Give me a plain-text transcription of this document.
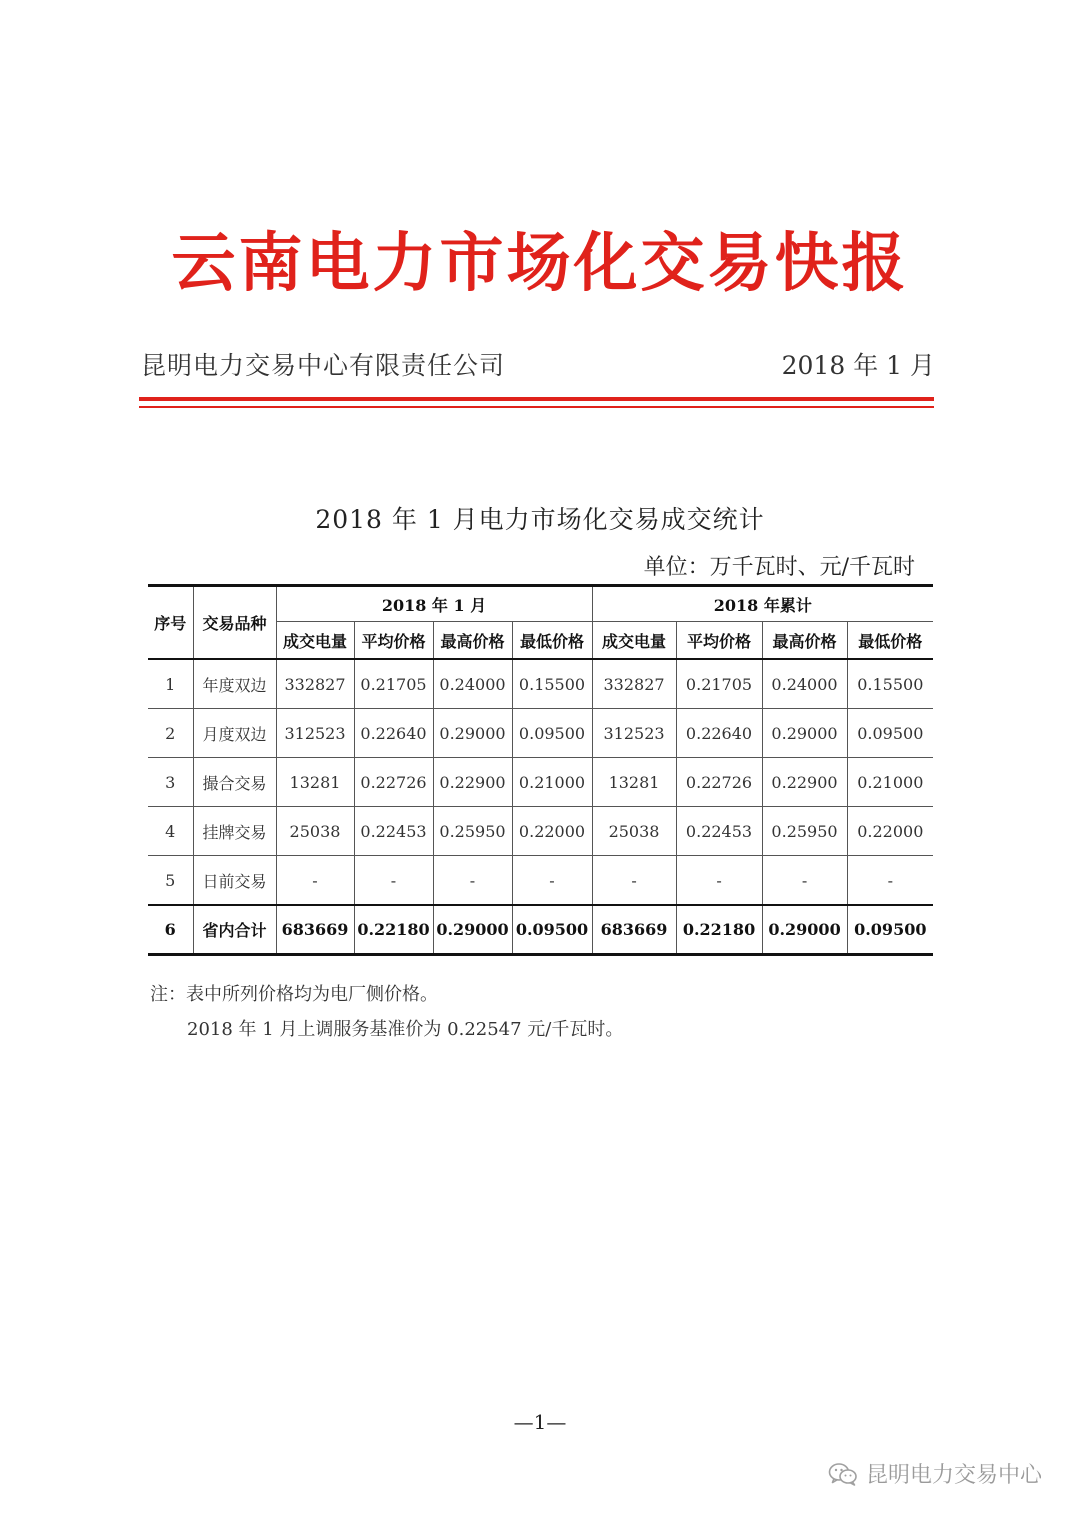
云南电力市场化交易快报
昆明电力交易中心有限责任公司	2018 年 1 月
2018 年 1 月电力市场化交易成交统计
单位：万千瓦时、元/千瓦时
序号	交易品种	2018 年 1 月				2018 年累计			
		成交电量	平均价格	最高价格	最低价格	成交电量	平均价格	最高价格	最低价格
1	年度双边	332827	0.21705	0.24000	0.15500	332827	0.21705	0.24000	0.15500
2	月度双边	312523	0.22640	0.29000	0.09500	312523	0.22640	0.29000	0.09500
3	撮合交易	13281	0.22726	0.22900	0.21000	13281	0.22726	0.22900	0.21000
4	挂牌交易	25038	0.22453	0.25950	0.22000	25038	0.22453	0.25950	0.22000
5	日前交易	-	-	-	-	-	-	-	-
6	省内合计	683669	0.22180	0.29000	0.09500	683669	0.22180	0.29000	0.09500
注：表中所列价格均为电厂侧价格。
2018 年 1 月上调服务基准价为 0.22547 元/千瓦时。
—1—
昆明电力交易中心
